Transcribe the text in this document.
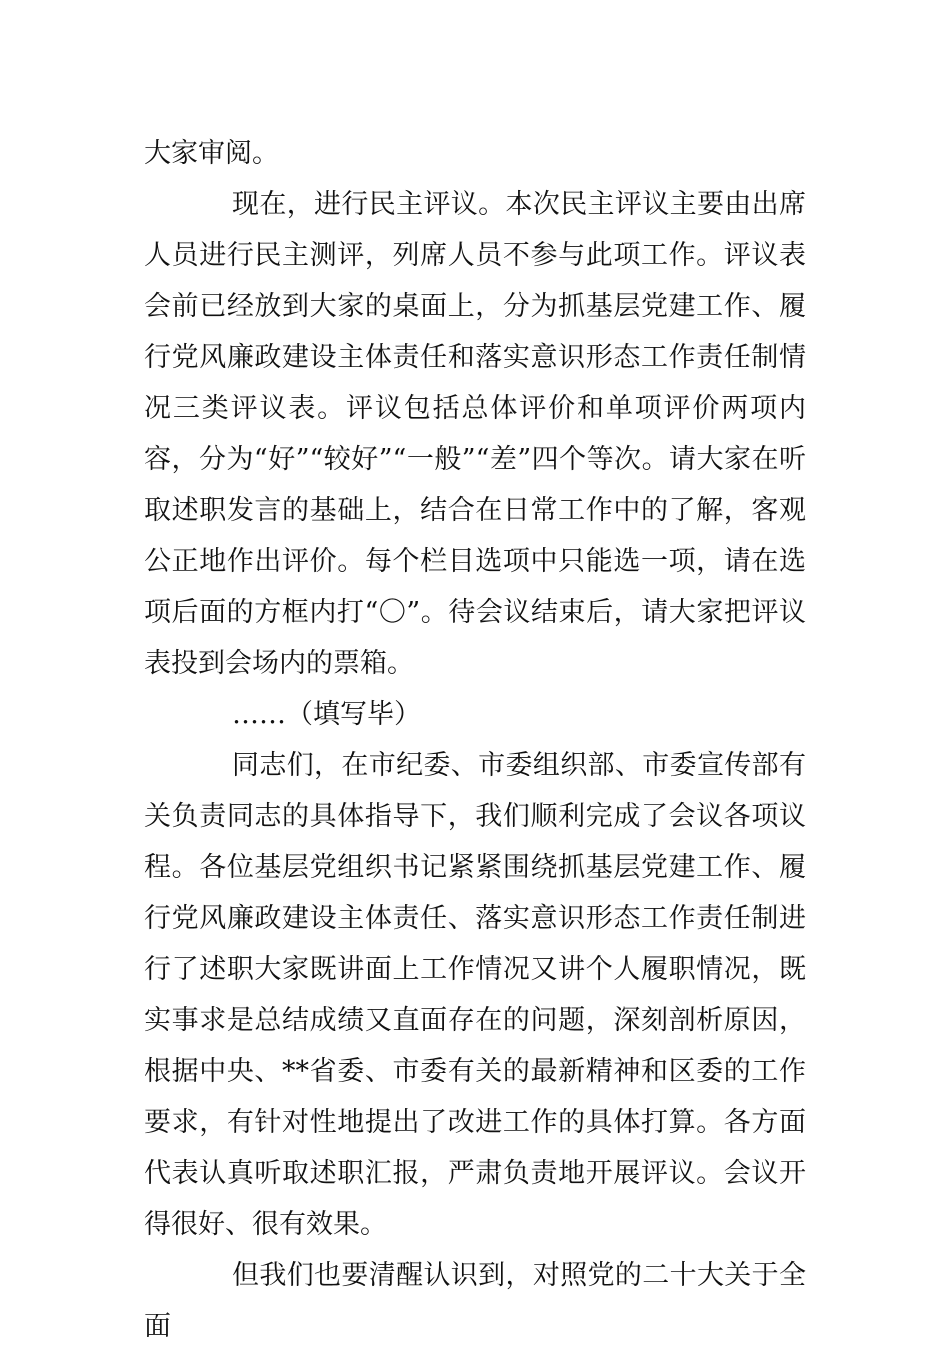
大家审阅。

现在，进行民主评议。本次民主评议主要由出席人员进行民主测评，列席人员不参与此项工作。评议表会前已经放到大家的桌面上，分为抓基层党建工作、履行党风廉政建设主体责任和落实意识形态工作责任制情况三类评议表。评议包括总体评价和单项评价两项内容，分为“好”“较好”“一般”“差”四个等次。请大家在听取述职发言的基础上，结合在日常工作中的了解，客观公正地作出评价。每个栏目选项中只能选一项，请在选项后面的方框内打“〇”。待会议结束后，请大家把评议表投到会场内的票箱。

……（填写毕）

同志们，在市纪委、市委组织部、市委宣传部有关负责同志的具体指导下，我们顺利完成了会议各项议程。各位基层党组织书记紧紧围绕抓基层党建工作、履行党风廉政建设主体责任、落实意识形态工作责任制进行了述职大家既讲面上工作情况又讲个人履职情况，既实事求是总结成绩又直面存在的问题，深刻剖析原因，根据中央、**省委、市委有关的最新精神和区委的工作要求，有针对性地提出了改进工作的具体打算。各方面代表认真听取述职汇报，严肃负责地开展评议。会议开得很好、很有效果。

但我们也要清醒认识到，对照党的二十大关于全面
